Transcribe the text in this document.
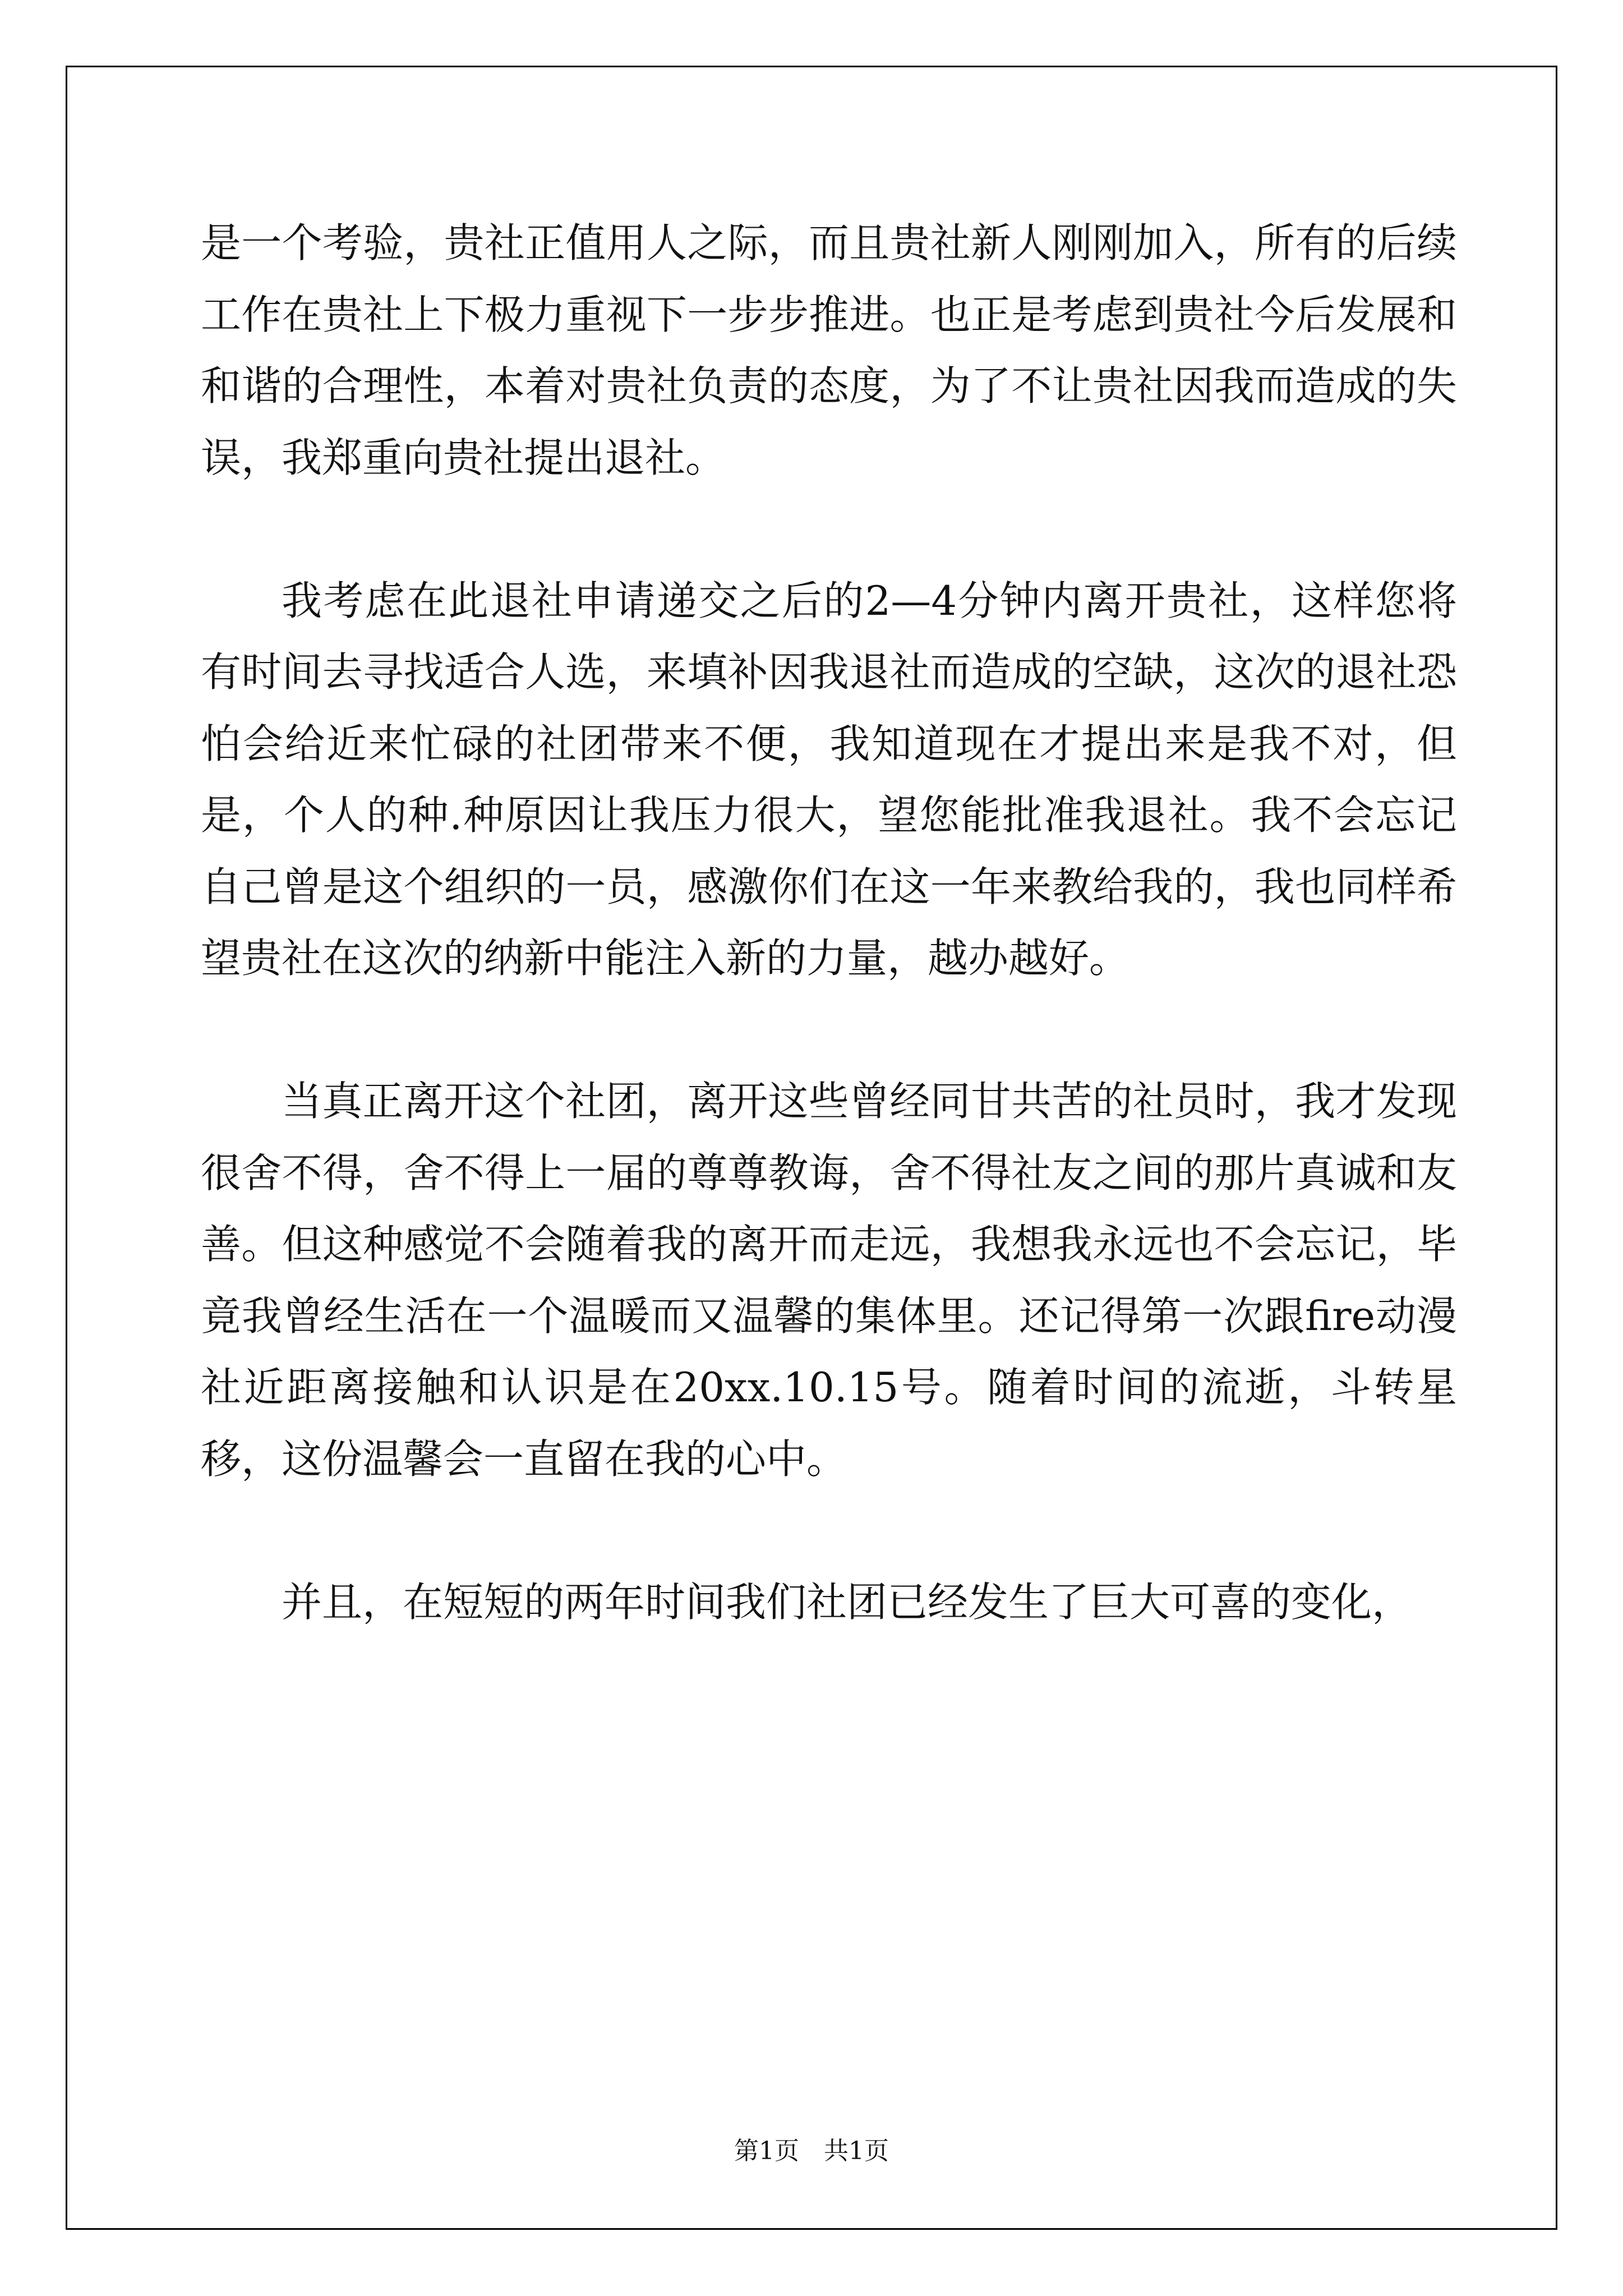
是一个考验，贵社正值用人之际，而且贵社新人刚刚加入，所有的后续工作在贵社上下极力重视下一步步推进。也正是考虑到贵社今后发展和和谐的合理性，本着对贵社负责的态度，为了不让贵社因我而造成的失误，我郑重向贵社提出退社。

我考虑在此退社申请递交之后的2—4分钟内离开贵社，这样您将有时间去寻找适合人选，来填补因我退社而造成的空缺，这次的退社恐怕会给近来忙碌的社团带来不便，我知道现在才提出来是我不对，但是，个人的种.种原因让我压力很大，望您能批准我退社。我不会忘记自己曾是这个组织的一员，感激你们在这一年来教给我的，我也同样希望贵社在这次的纳新中能注入新的力量，越办越好。

当真正离开这个社团，离开这些曾经同甘共苦的社员时，我才发现很舍不得，舍不得上一届的尊尊教诲，舍不得社友之间的那片真诚和友善。但这种感觉不会随着我的离开而走远，我想我永远也不会忘记，毕竟我曾经生活在一个温暖而又温馨的集体里。还记得第一次跟fire动漫社近距离接触和认识是在20xx.10.15号。随着时间的流逝，斗转星移，这份温馨会一直留在我的心中。

并且，在短短的两年时间我们社团已经发生了巨大可喜的变化，

第1页　共1页
